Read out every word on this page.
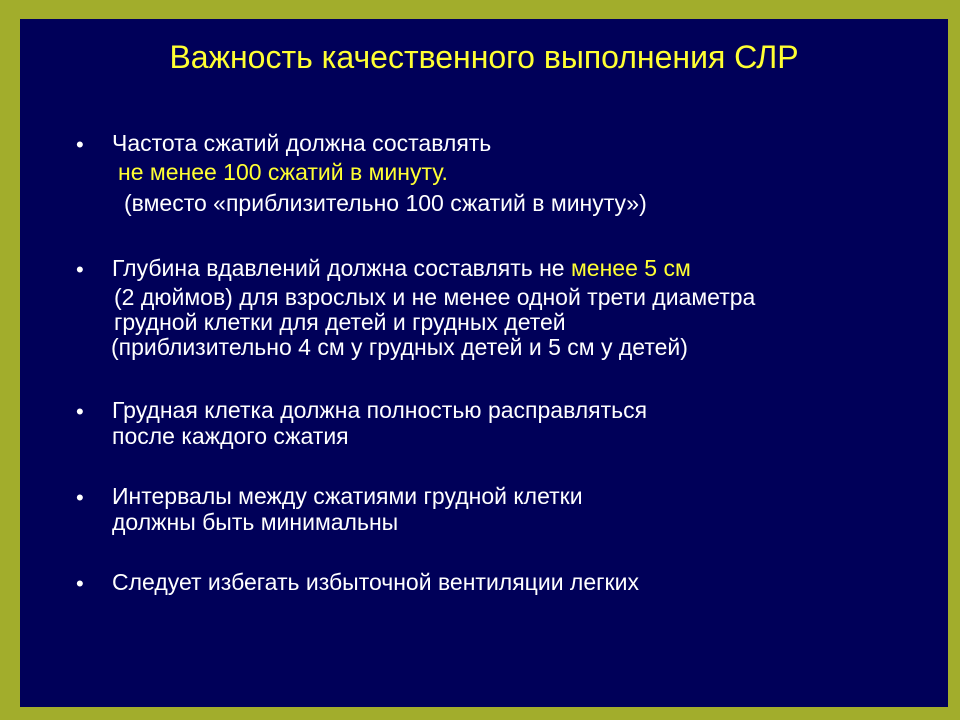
Важность качественного выполнения СЛР
• Частота сжатий должна составлять
не менее 100 сжатий в минуту.
(вместо «приблизительно 100 сжатий в минуту»)
• Глубина вдавлений должна составлять не менее 5 см
(2 дюймов) для взрослых и не менее одной трети диаметра
грудной клетки для детей и грудных детей
(приблизительно 4 см у грудных детей и 5 см у детей)
• Грудная клетка должна полностью расправляться
после каждого сжатия
• Интервалы между сжатиями грудной клетки
должны быть минимальны
• Следует избегать избыточной вентиляции легких
